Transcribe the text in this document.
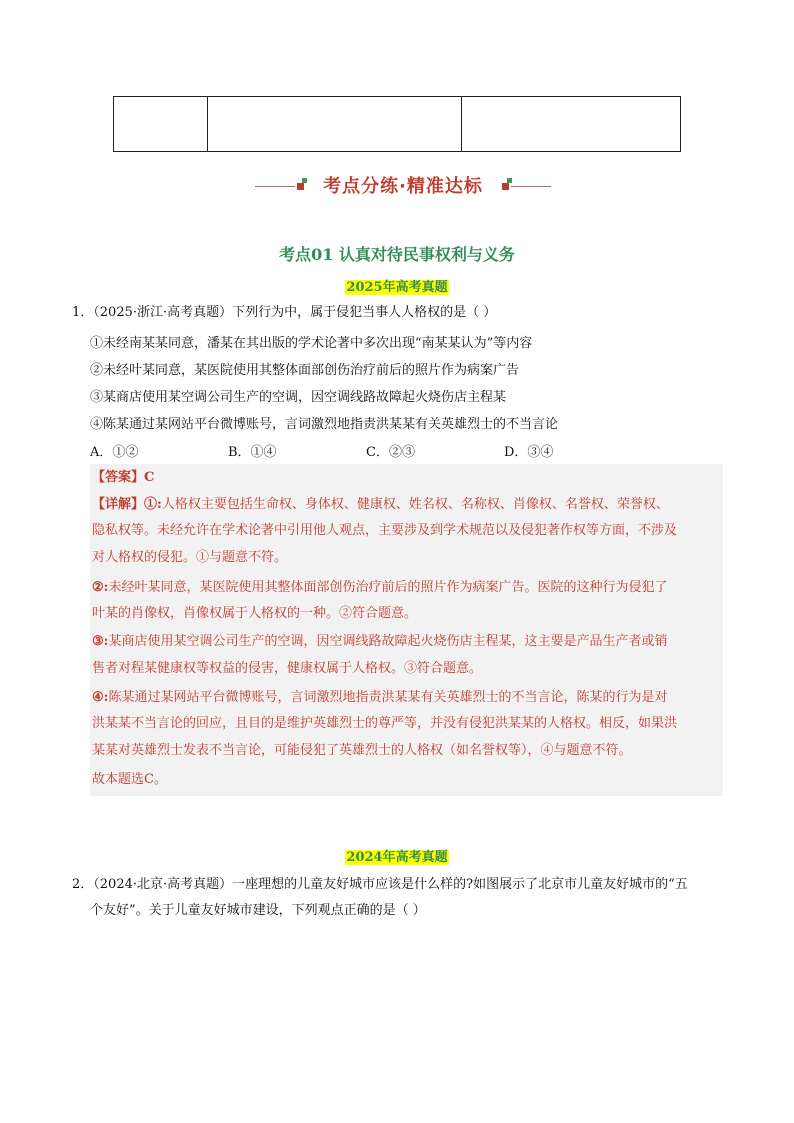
考点分练·精准达标
考点01 认真对待民事权利与义务
2025年高考真题
1．（2025·浙江·高考真题）下列行为中，属于侵犯当事人人格权的是（ ）
①未经南某某同意，潘某在其出版的学术论著中多次出现“南某某认为”等内容
②未经叶某同意，某医院使用其整体面部创伤治疗前后的照片作为病案广告
③某商店使用某空调公司生产的空调，因空调线路故障起火烧伤店主程某
④陈某通过某网站平台微博账号，言词激烈地指责洪某某有关英雄烈士的不当言论
A．①②	B．①④	C．②③	D．③④
【答案】C
【详解】①:人格权主要包括生命权、身体权、健康权、姓名权、名称权、肖像权、名誉权、荣誉权、
隐私权等。未经允许在学术论著中引用他人观点，主要涉及到学术规范以及侵犯著作权等方面，不涉及
对人格权的侵犯。①与题意不符。
②:未经叶某同意，某医院使用其整体面部创伤治疗前后的照片作为病案广告。医院的这种行为侵犯了
叶某的肖像权，肖像权属于人格权的一种。②符合题意。
③:某商店使用某空调公司生产的空调，因空调线路故障起火烧伤店主程某，这主要是产品生产者或销
售者对程某健康权等权益的侵害，健康权属于人格权。③符合题意。
④:陈某通过某网站平台微博账号，言词激烈地指责洪某某有关英雄烈士的不当言论，陈某的行为是对
洪某某不当言论的回应，且目的是维护英雄烈士的尊严等，并没有侵犯洪某某的人格权。相反，如果洪
某某对英雄烈士发表不当言论，可能侵犯了英雄烈士的人格权（如名誉权等），④与题意不符。
故本题选C。
2024年高考真题
2．（2024·北京·高考真题）一座理想的儿童友好城市应该是什么样的?如图展示了北京市儿童友好城市的“五
个友好”。关于儿童友好城市建设，下列观点正确的是（ ）
